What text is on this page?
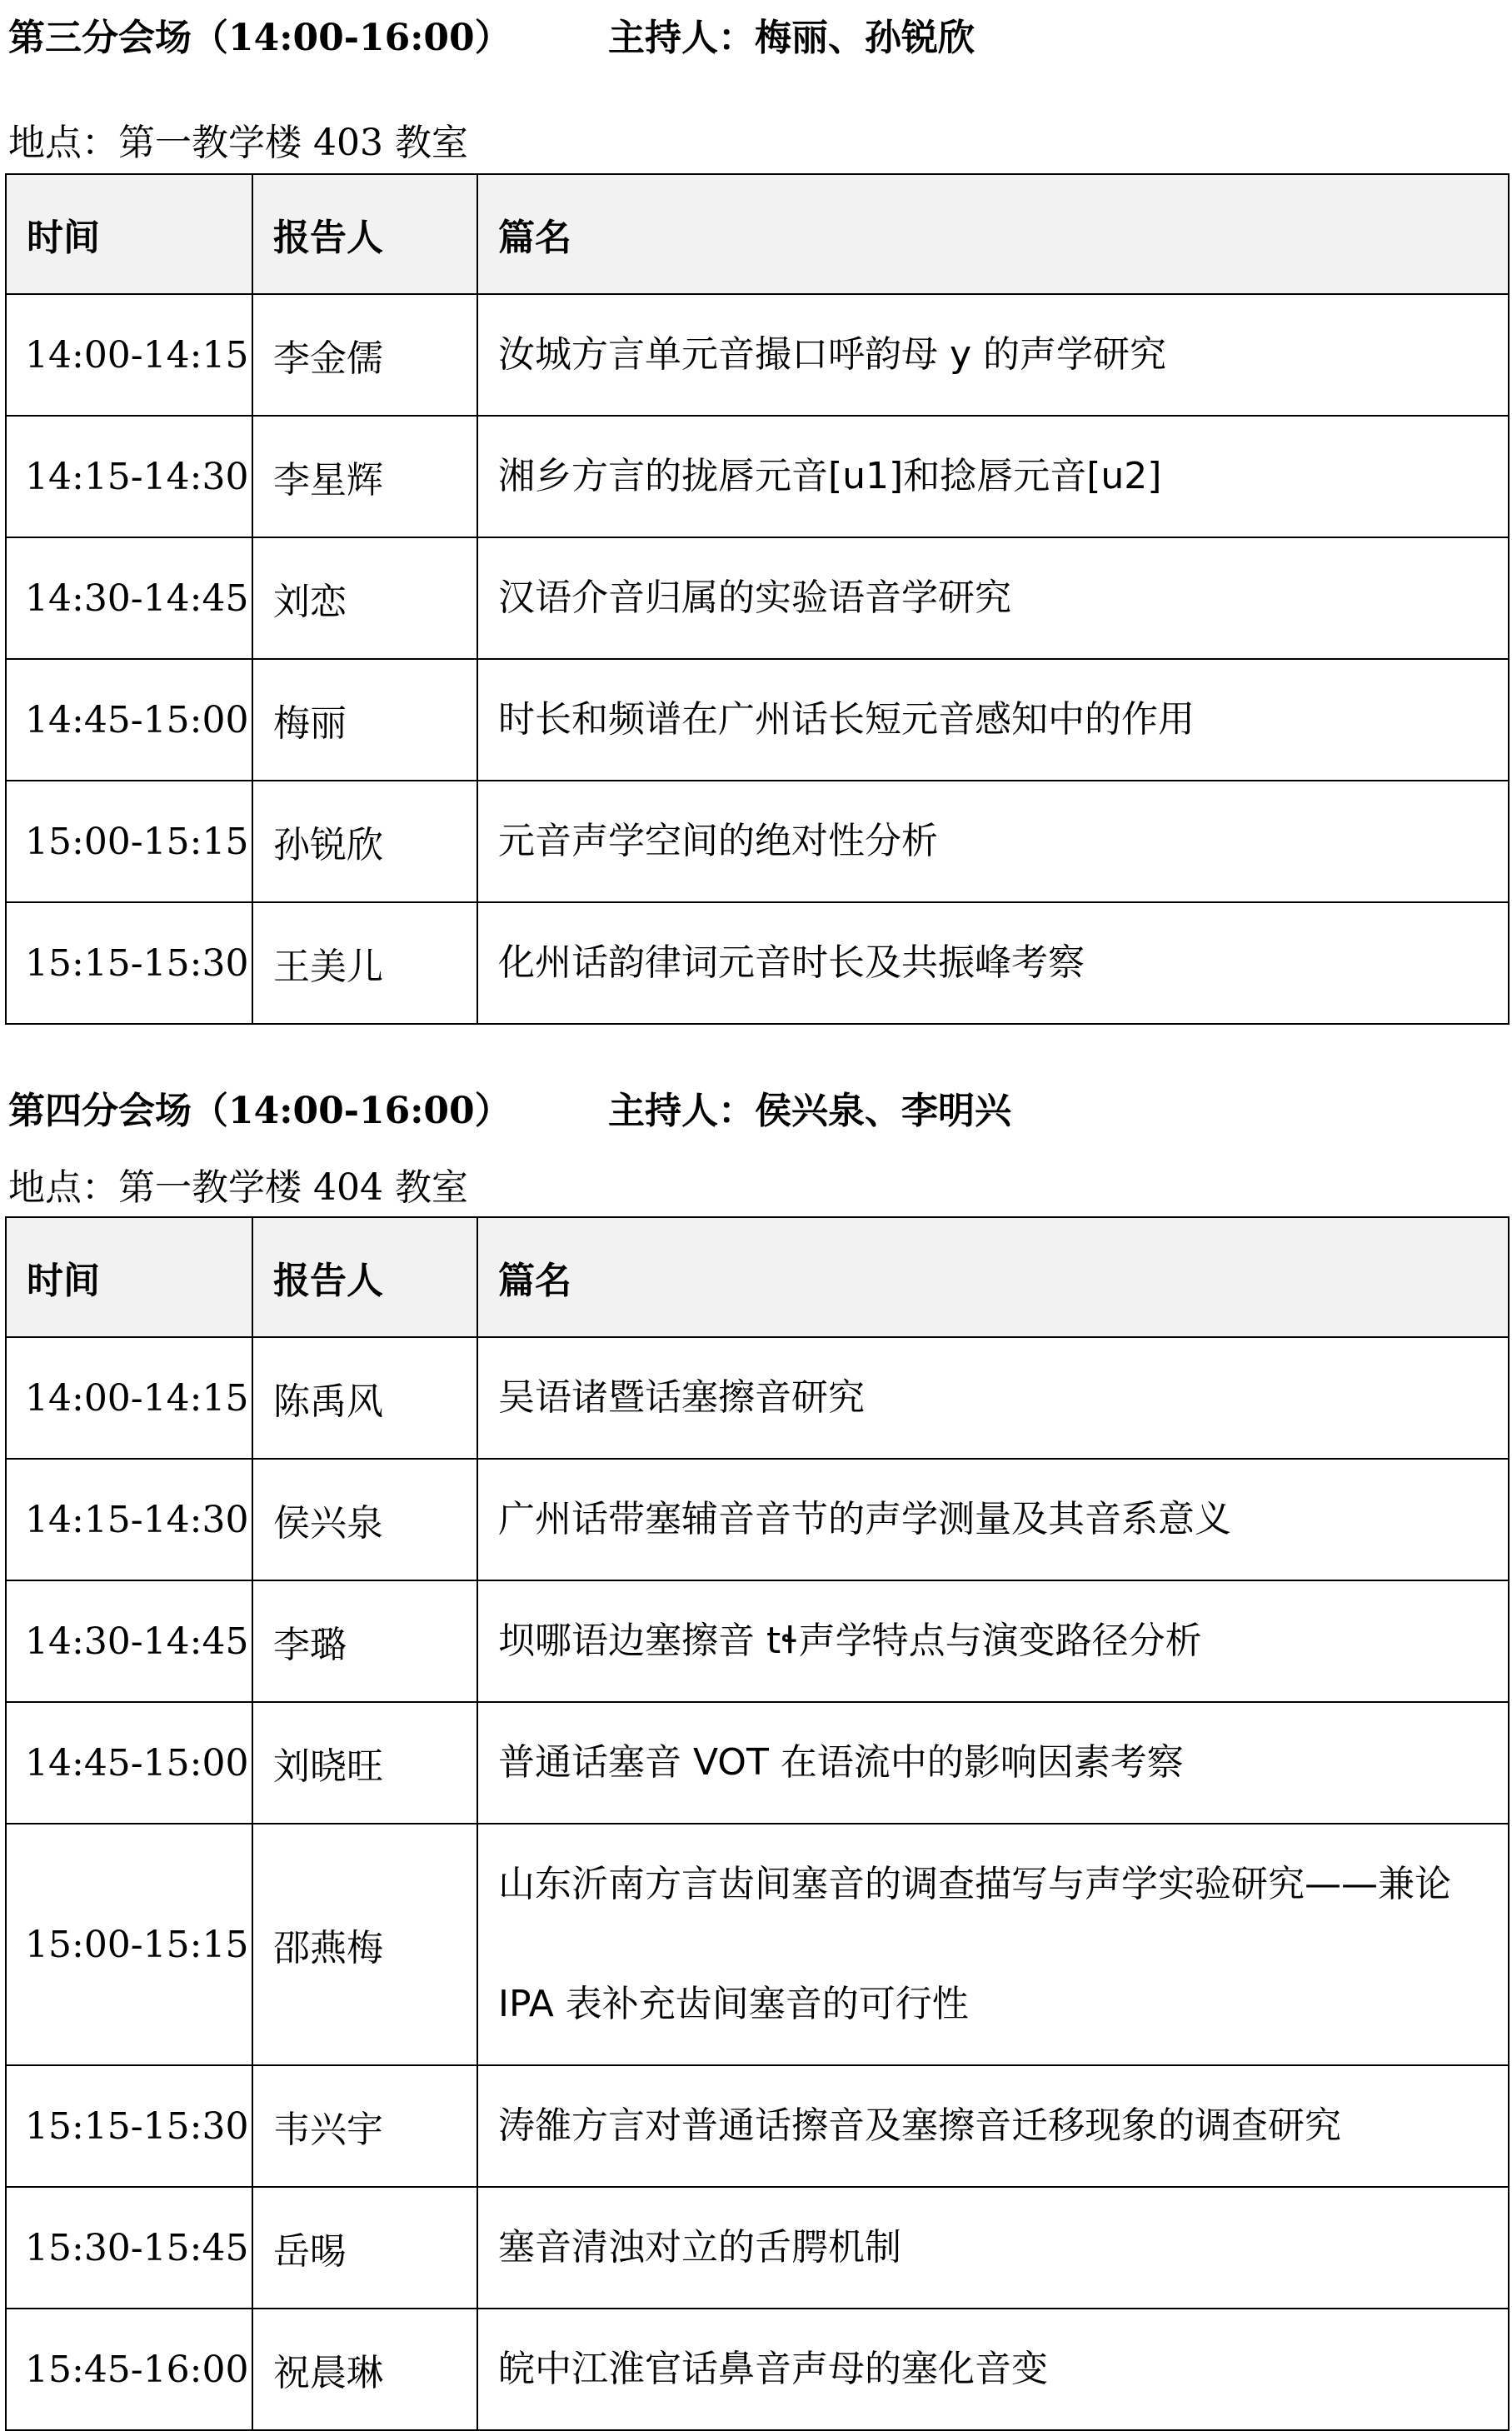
第三分会场（14:00-16:00）	主持人：梅丽、孙锐欣
地点：第一教学楼 403 教室
时间	报告人	篇名
14:00-14:15	李金儒	汝城方言单元音撮口呼韵母 y 的声学研究
14:15-14:30	李星辉	湘乡方言的拢唇元音[u1]和捻唇元音[u2]
14:30-14:45	刘恋	汉语介音归属的实验语音学研究
14:45-15:00	梅丽	时长和频谱在广州话长短元音感知中的作用
15:00-15:15	孙锐欣	元音声学空间的绝对性分析
15:15-15:30	王美儿	化州话韵律词元音时长及共振峰考察
第四分会场（14:00-16:00）	主持人：侯兴泉、李明兴
地点：第一教学楼 404 教室
时间	报告人	篇名
14:00-14:15	陈禹风	吴语诸暨话塞擦音研究
14:15-14:30	侯兴泉	广州话带塞辅音音节的声学测量及其音系意义
14:30-14:45	李璐	坝哪语边塞擦音 tɬ声学特点与演变路径分析
14:45-15:00	刘晓旺	普通话塞音 VOT 在语流中的影响因素考察
15:00-15:15	邵燕梅	山东沂南方言齿间塞音的调查描写与声学实验研究——兼论 IPA 表补充齿间塞音的可行性
15:15-15:30	韦兴宇	涛雒方言对普通话擦音及塞擦音迁移现象的调查研究
15:30-15:45	岳晹	塞音清浊对立的舌腭机制
15:45-16:00	祝晨琳	皖中江淮官话鼻音声母的塞化音变
